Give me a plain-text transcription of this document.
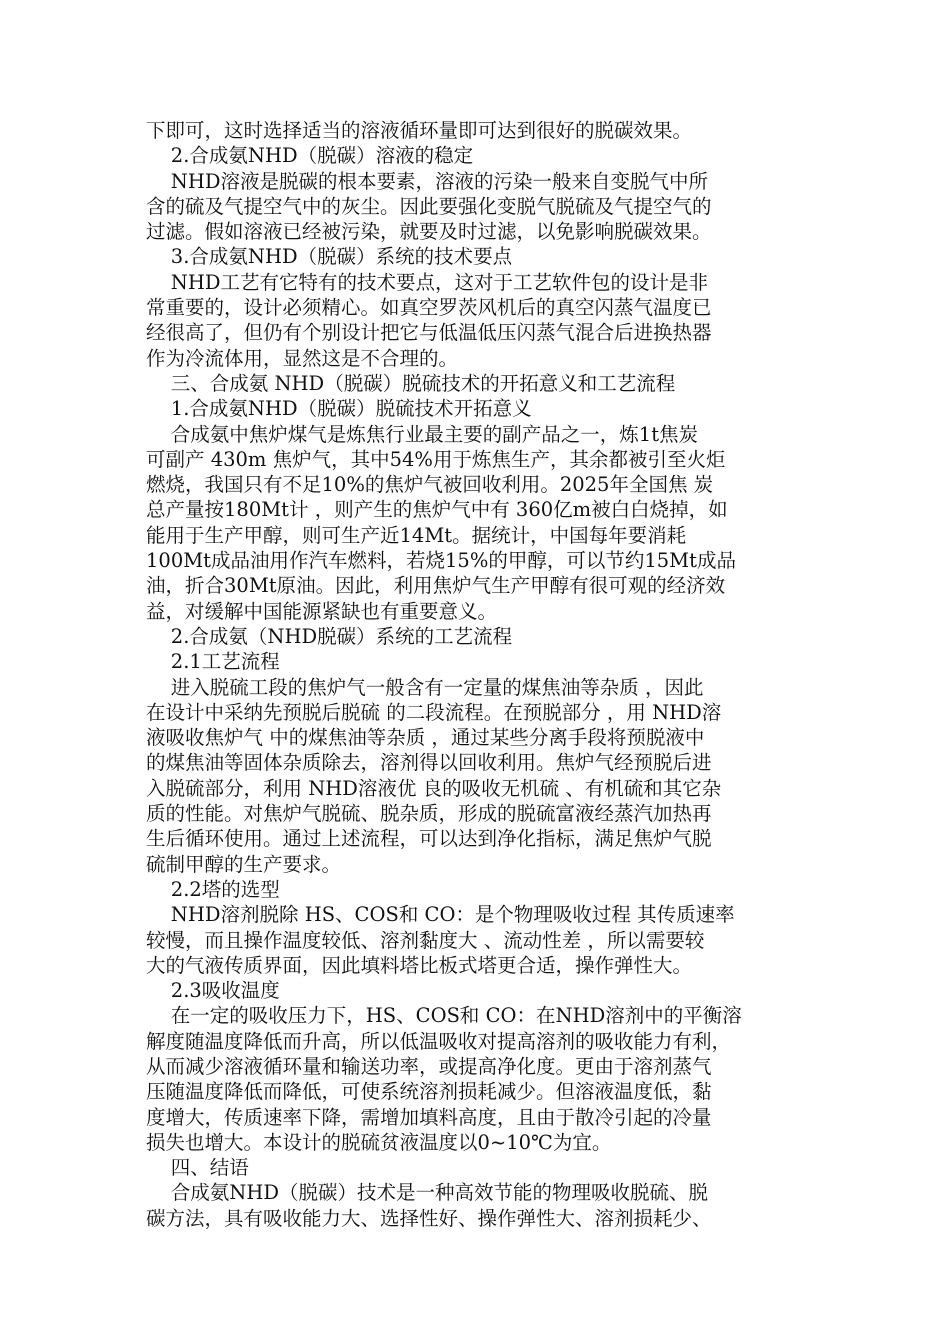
下即可，这时选择适当的溶液循环量即可达到很好的脱碳效果。
2.合成氨NHD（脱碳）溶液的稳定
NHD溶液是脱碳的根本要素，溶液的污染一般来自变脱气中所
含的硫及气提空气中的灰尘。因此要强化变脱气脱硫及气提空气的
过滤。假如溶液已经被污染，就要及时过滤，以免影响脱碳效果。
3.合成氨NHD（脱碳）系统的技术要点
NHD工艺有它特有的技术要点，这对于工艺软件包的设计是非
常重要的，设计必须精心。如真空罗茨风机后的真空闪蒸气温度已
经很高了，但仍有个别设计把它与低温低压闪蒸气混合后进换热器
作为冷流体用，显然这是不合理的。
三、合成氨 NHD（脱碳）脱硫技术的开拓意义和工艺流程
1.合成氨NHD（脱碳）脱硫技术开拓意义
合成氨中焦炉煤气是炼焦行业最主要的副产品之一，炼1t焦炭
可副产 430m 焦炉气，其中54%用于炼焦生产，其余都被引至火炬
燃烧，我国只有不足10%的焦炉气被回收利用。2025年全国焦 炭
总产量按180Mt计 ，则产生的焦炉气中有 360亿m被白白烧掉，如
能用于生产甲醇，则可生产近14Mt。据统计，中国每年要消耗
100Mt成品油用作汽车燃料，若烧15%的甲醇，可以节约15Mt成品
油，折合30Mt原油。因此，利用焦炉气生产甲醇有很可观的经济效
益，对缓解中国能源紧缺也有重要意义。
2.合成氨（NHD脱碳）系统的工艺流程
2.1工艺流程
进入脱硫工段的焦炉气一般含有一定量的煤焦油等杂质 ，因此
在设计中采纳先预脱后脱硫 的二段流程。在预脱部分 ，用 NHD溶
液吸收焦炉气 中的煤焦油等杂质 ，通过某些分离手段将预脱液中
的煤焦油等固体杂质除去，溶剂得以回收利用。焦炉气经预脱后进
入脱硫部分，利用 NHD溶液优 良的吸收无机硫 、有机硫和其它杂
质的性能。对焦炉气脱硫、脱杂质，形成的脱硫富液经蒸汽加热再
生后循环使用。通过上述流程，可以达到净化指标，满足焦炉气脱
硫制甲醇的生产要求。
2.2塔的选型
NHD溶剂脱除 HS、COS和 CO：是个物理吸收过程 其传质速率
较慢，而且操作温度较低、溶剂黏度大 、流动性差 ，所以需要较
大的气液传质界面，因此填料塔比板式塔更合适，操作弹性大。
2.3吸收温度
在一定的吸收压力下，HS、COS和 CO：在NHD溶剂中的平衡溶
解度随温度降低而升高，所以低温吸收对提高溶剂的吸收能力有利，
从而减少溶液循环量和输送功率，或提高净化度。更由于溶剂蒸气
压随温度降低而降低，可使系统溶剂损耗减少。但溶液温度低，黏
度增大，传质速率下降，需增加填料高度，且由于散冷引起的冷量
损失也增大。本设计的脱硫贫液温度以0~10℃为宜。
四、结语
合成氨NHD（脱碳）技术是一种高效节能的物理吸收脱硫、脱
碳方法，具有吸收能力大、选择性好、操作弹性大、溶剂损耗少、
